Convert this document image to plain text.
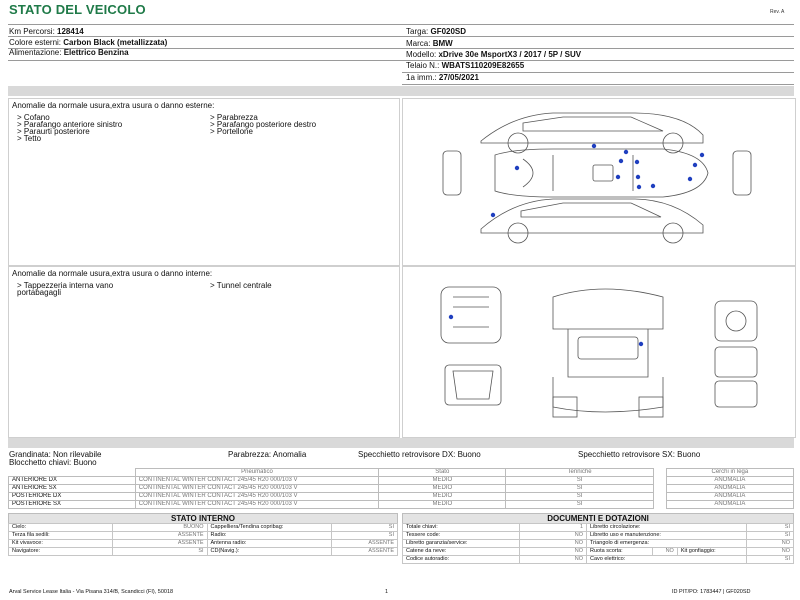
STATO DEL VEICOLO	Rev. A
Km Percorsi: 128414	Targa: GF020SD
Colore esterni: Carbon Black (metallizzata)	Marca: BMW
Alimentazione: Elettrico Benzina	Modello: xDrive 30e MsportX3 / 2017 / 5P / SUV
Telaio N.: WBATS110209E82655
1a imm.: 27/05/2021
Anomalie da normale usura,extra usura o danno esterne:
> Cofano
> Parafango anteriore sinistro
> Paraurti posteriore
> Tetto
> Parabrezza
> Parafango posteriore destro
> Portellone
Anomalie da normale usura,extra usura o danno interne:
> Tappezzeria interna vano
portabagagli
> Tunnel centrale
Grandinata: Non rilevabile	Parabrezza: Anomalia	Specchietto retrovisore DX: Buono	Specchietto retrovisore SX: Buono
Blocchetto chiavi: Buono
	Pneumatico	Stato	Tenniche		Cerchi in lega
ANTERIORE DX	CONTINENTAL WINTER CONTACT 245/45 R20 000/103 V	MEDIO	SI		ANOMALIA
ANTERIORE SX	CONTINENTAL WINTER CONTACT 245/45 R20 000/103 V	MEDIO	SI		ANOMALIA
POSTERIORE DX	CONTINENTAL WINTER CONTACT 245/45 R20 000/103 V	MEDIO	SI		ANOMALIA
POSTERIORE SX	CONTINENTAL WINTER CONTACT 245/45 R20 000/103 V	MEDIO	SI		ANOMALIA
STATO INTERNO
Cielo:	BUONO	Cappelliera/Tendina copribag:	SI
Terza fila sedili:	ASSENTE	Radio:	SI
Kit vivavoce:	ASSENTE	Antenna radio:	ASSENTE
Navigatore:	SI	CD(Navig.):	ASSENTE
DOCUMENTI E DOTAZIONI
Totale chiavi:	1	Libretto circolazione:			SI
Tessere code:	NO	Libretto uso e manutenzione:			SI
Libretto garanzia/service:	NO	Triangolo di emergenza:			NO
Catene da neve:	NO	Ruota scorta:	NO	Kit gonfiaggio:	NO
Codice autoradio:	NO	Cavo elettrico:			SI
Arval Service Lease Italia - Via Pisana 314/B, Scandicci (FI), 50018	1	ID PIT/PO: 1783447 | GF020SD
